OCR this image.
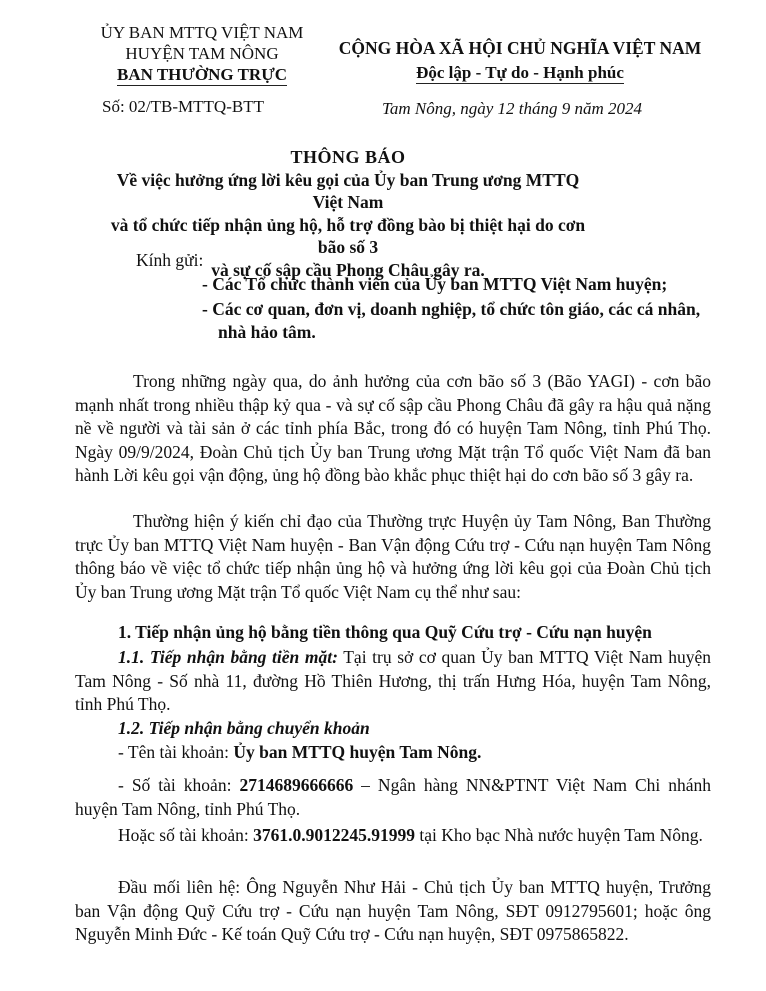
ỦY BAN MTTQ VIỆT NAM
HUYỆN TAM NÔNG
BAN THƯỜNG TRỰC
CỘNG HÒA XÃ HỘI CHỦ NGHĨA VIỆT NAM
Độc lập - Tự do - Hạnh phúc
Số: 02/TB-MTTQ-BTT	Tam Nông, ngày 12 tháng 9 năm 2024
THÔNG BÁO
Về việc hưởng ứng lời kêu gọi của Ủy ban Trung ương MTTQ Việt Nam
và tổ chức tiếp nhận ủng hộ, hỗ trợ đồng bào bị thiệt hại do cơn bão số 3
và sự cố sập cầu Phong Châu gây ra.
Kính gửi:
- Các Tổ chức thành viên của Ủy ban MTTQ Việt Nam huyện;
- Các cơ quan, đơn vị, doanh nghiệp, tổ chức tôn giáo, các cá nhân,
nhà hảo tâm.
Trong những ngày qua, do ảnh hưởng của cơn bão số 3 (Bão YAGI) - cơn bão mạnh nhất trong nhiều thập kỷ qua - và sự cố sập cầu Phong Châu đã gây ra hậu quả nặng nề về người và tài sản ở các tỉnh phía Bắc, trong đó có huyện Tam Nông, tỉnh Phú Thọ. Ngày 09/9/2024, Đoàn Chủ tịch Ủy ban Trung ương Mặt trận Tổ quốc Việt Nam đã ban hành Lời kêu gọi vận động, ủng hộ đồng bào khắc phục thiệt hại do cơn bão số 3 gây ra.
Thường hiện ý kiến chỉ đạo của Thường trực Huyện ủy Tam Nông, Ban Thường trực Ủy ban MTTQ Việt Nam huyện - Ban Vận động Cứu trợ - Cứu nạn huyện Tam Nông thông báo về việc tổ chức tiếp nhận ủng hộ và hưởng ứng lời kêu gọi của Đoàn Chủ tịch Ủy ban Trung ương Mặt trận Tổ quốc Việt Nam cụ thể như sau:
1. Tiếp nhận ủng hộ bằng tiền thông qua Quỹ Cứu trợ - Cứu nạn huyện
1.1. Tiếp nhận bằng tiền mặt: Tại trụ sở cơ quan Ủy ban MTTQ Việt Nam huyện Tam Nông - Số nhà 11, đường Hồ Thiên Hương, thị trấn Hưng Hóa, huyện Tam Nông, tỉnh Phú Thọ.
1.2. Tiếp nhận bằng chuyển khoản
- Tên tài khoản: Ủy ban MTTQ huyện Tam Nông.
- Số tài khoản: 2714689666666 – Ngân hàng NN&PTNT Việt Nam Chi nhánh huyện Tam Nông, tỉnh Phú Thọ.
Hoặc số tài khoản: 3761.0.9012245.91999 tại Kho bạc Nhà nước huyện Tam Nông.
Đầu mối liên hệ: Ông Nguyễn Như Hải - Chủ tịch Ủy ban MTTQ huyện, Trưởng ban Vận động Quỹ Cứu trợ - Cứu nạn huyện Tam Nông, SĐT 0912795601; hoặc ông Nguyễn Minh Đức - Kế toán Quỹ Cứu trợ - Cứu nạn huyện, SĐT 0975865822.
